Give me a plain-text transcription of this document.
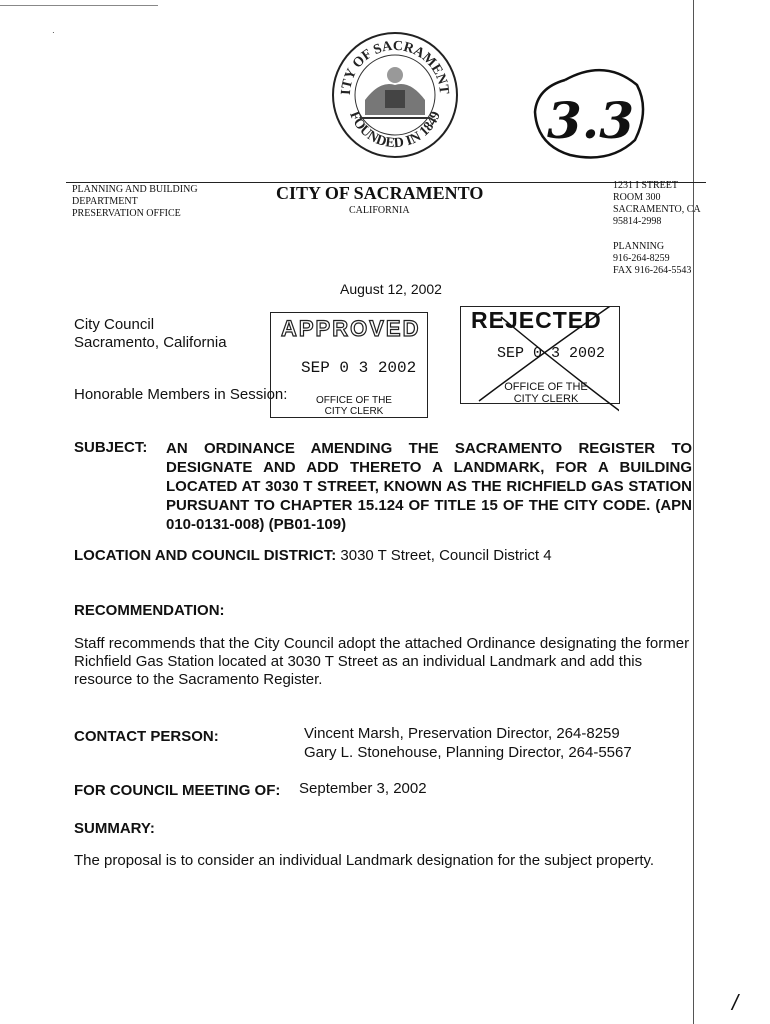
·
ITY OF SACRAMENT
FOUNDED IN 1849 3.3
PLANNING AND BUILDING
DEPARTMENT
PRESERVATION OFFICE
CITY OF SACRAMENTO
CALIFORNIA
1231 I STREET
ROOM 300
SACRAMENTO, CA
95814-2998
PLANNING
916-264-8259
FAX 916-264-5543
August 12, 2002
City Council
Sacramento, California
Honorable Members in Session:
APPROVED
SEP 0 3 2002
OFFICE OF THE
CITY CLERK
REJECTED
SEP 0 3 2002
OFFICE OF THE
CITY CLERK
SUBJECT: AN ORDINANCE AMENDING THE SACRAMENTO REGISTER TO DESIGNATE AND ADD THERETO A LANDMARK, FOR A BUILDING LOCATED AT 3030 T STREET, KNOWN AS THE RICHFIELD GAS STATION PURSUANT TO CHAPTER 15.124 OF TITLE 15 OF THE CITY CODE. (APN 010-0131-008) (PB01-109)
LOCATION AND COUNCIL DISTRICT: 3030 T Street, Council District 4
RECOMMENDATION:
Staff recommends that the City Council adopt the attached Ordinance designating the former Richfield Gas Station located at 3030 T Street as an individual Landmark and add this resource to the Sacramento Register.
CONTACT PERSON:	Vincent Marsh, Preservation Director, 264-8259
Gary L. Stonehouse, Planning Director, 264-5567
FOR COUNCIL MEETING OF: September 3, 2002
SUMMARY:
The proposal is to consider an individual Landmark designation for the subject property.
/
